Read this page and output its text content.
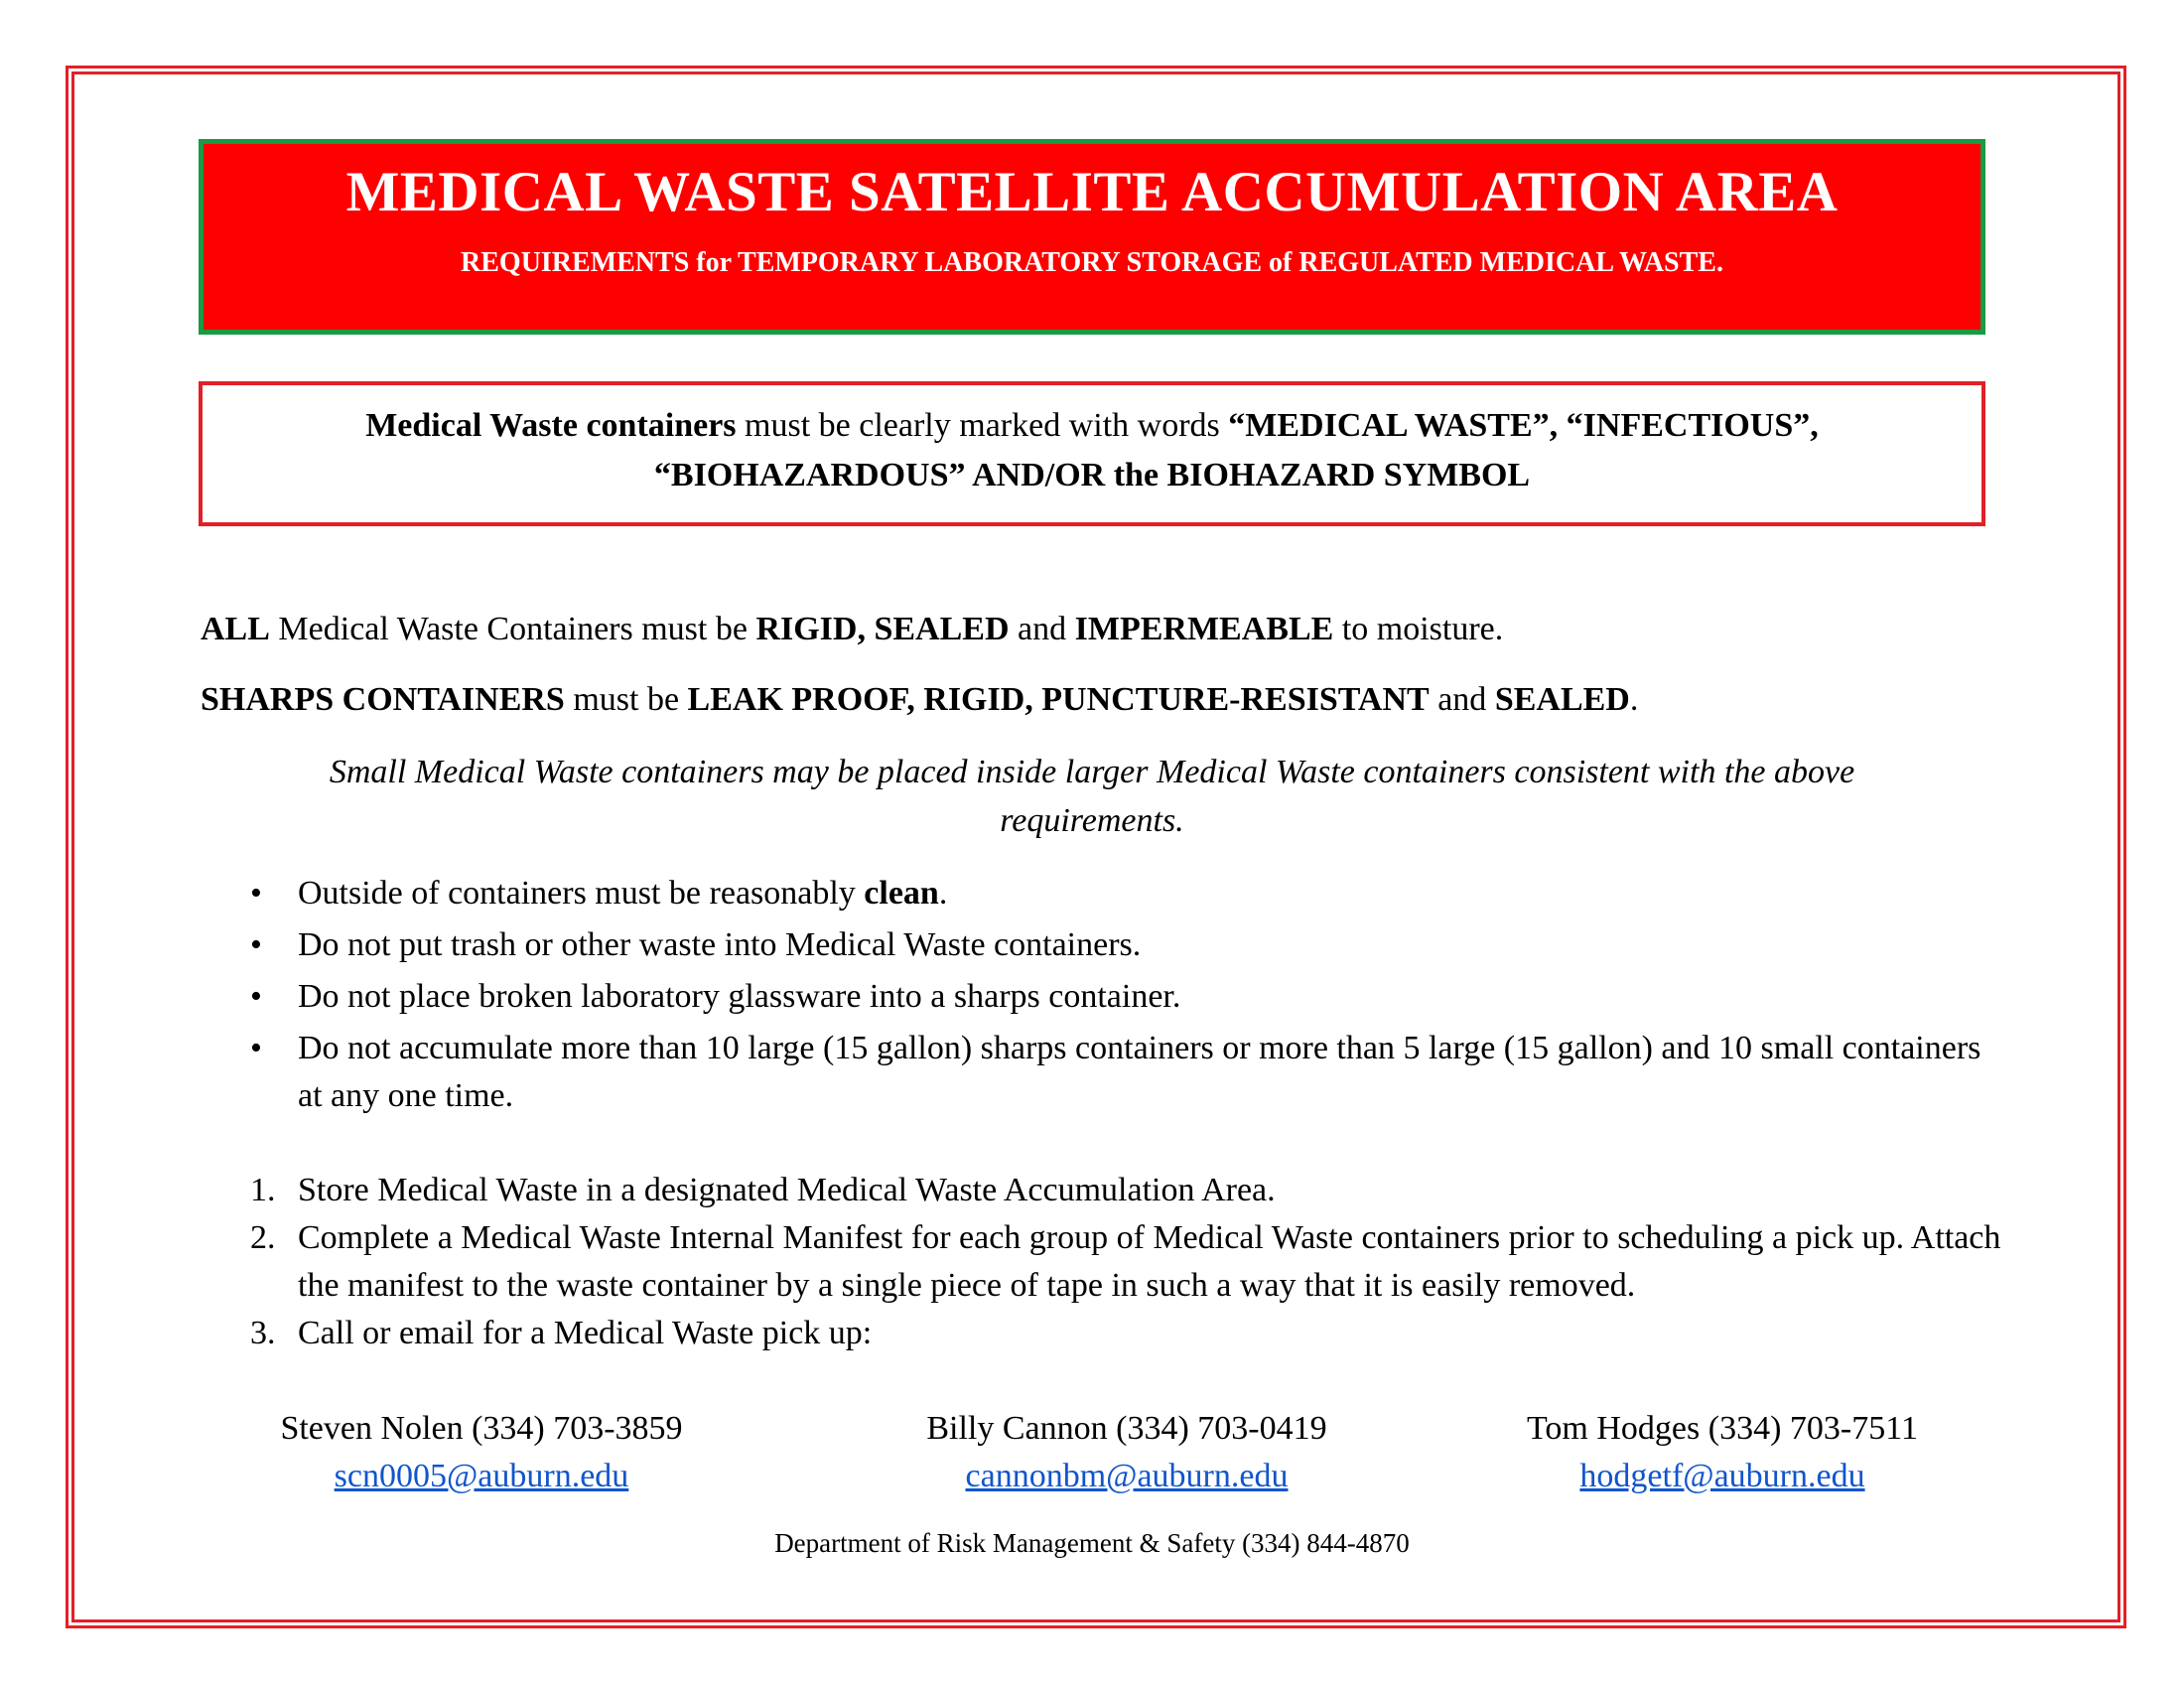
MEDICAL WASTE SATELLITE ACCUMULATION AREA
REQUIREMENTS for TEMPORARY LABORATORY STORAGE of REGULATED MEDICAL WASTE.
Medical Waste containers must be clearly marked with words “MEDICAL WASTE”, “INFECTIOUS”,
“BIOHAZARDOUS” AND/OR the BIOHAZARD SYMBOL
ALL Medical Waste Containers must be RIGID, SEALED and IMPERMEABLE to moisture.
SHARPS CONTAINERS must be LEAK PROOF, RIGID, PUNCTURE-RESISTANT and SEALED.
Small Medical Waste containers may be placed inside larger Medical Waste containers consistent with the above
requirements.
• Outside of containers must be reasonably clean.
• Do not put trash or other waste into Medical Waste containers.
• Do not place broken laboratory glassware into a sharps container.
• Do not accumulate more than 10 large (15 gallon) sharps containers or more than 5 large (15 gallon) and 10 small containers at any one time.
1. Store Medical Waste in a designated Medical Waste Accumulation Area.
2. Complete a Medical Waste Internal Manifest for each group of Medical Waste containers prior to scheduling a pick up. Attach the manifest to the waste container by a single piece of tape in such a way that it is easily removed.
3. Call or email for a Medical Waste pick up:
Steven Nolen (334) 703-3859
scn0005@auburn.edu
Billy Cannon (334) 703-0419
cannonbm@auburn.edu
Tom Hodges (334) 703-7511
hodgetf@auburn.edu
Department of Risk Management & Safety (334) 844-4870
